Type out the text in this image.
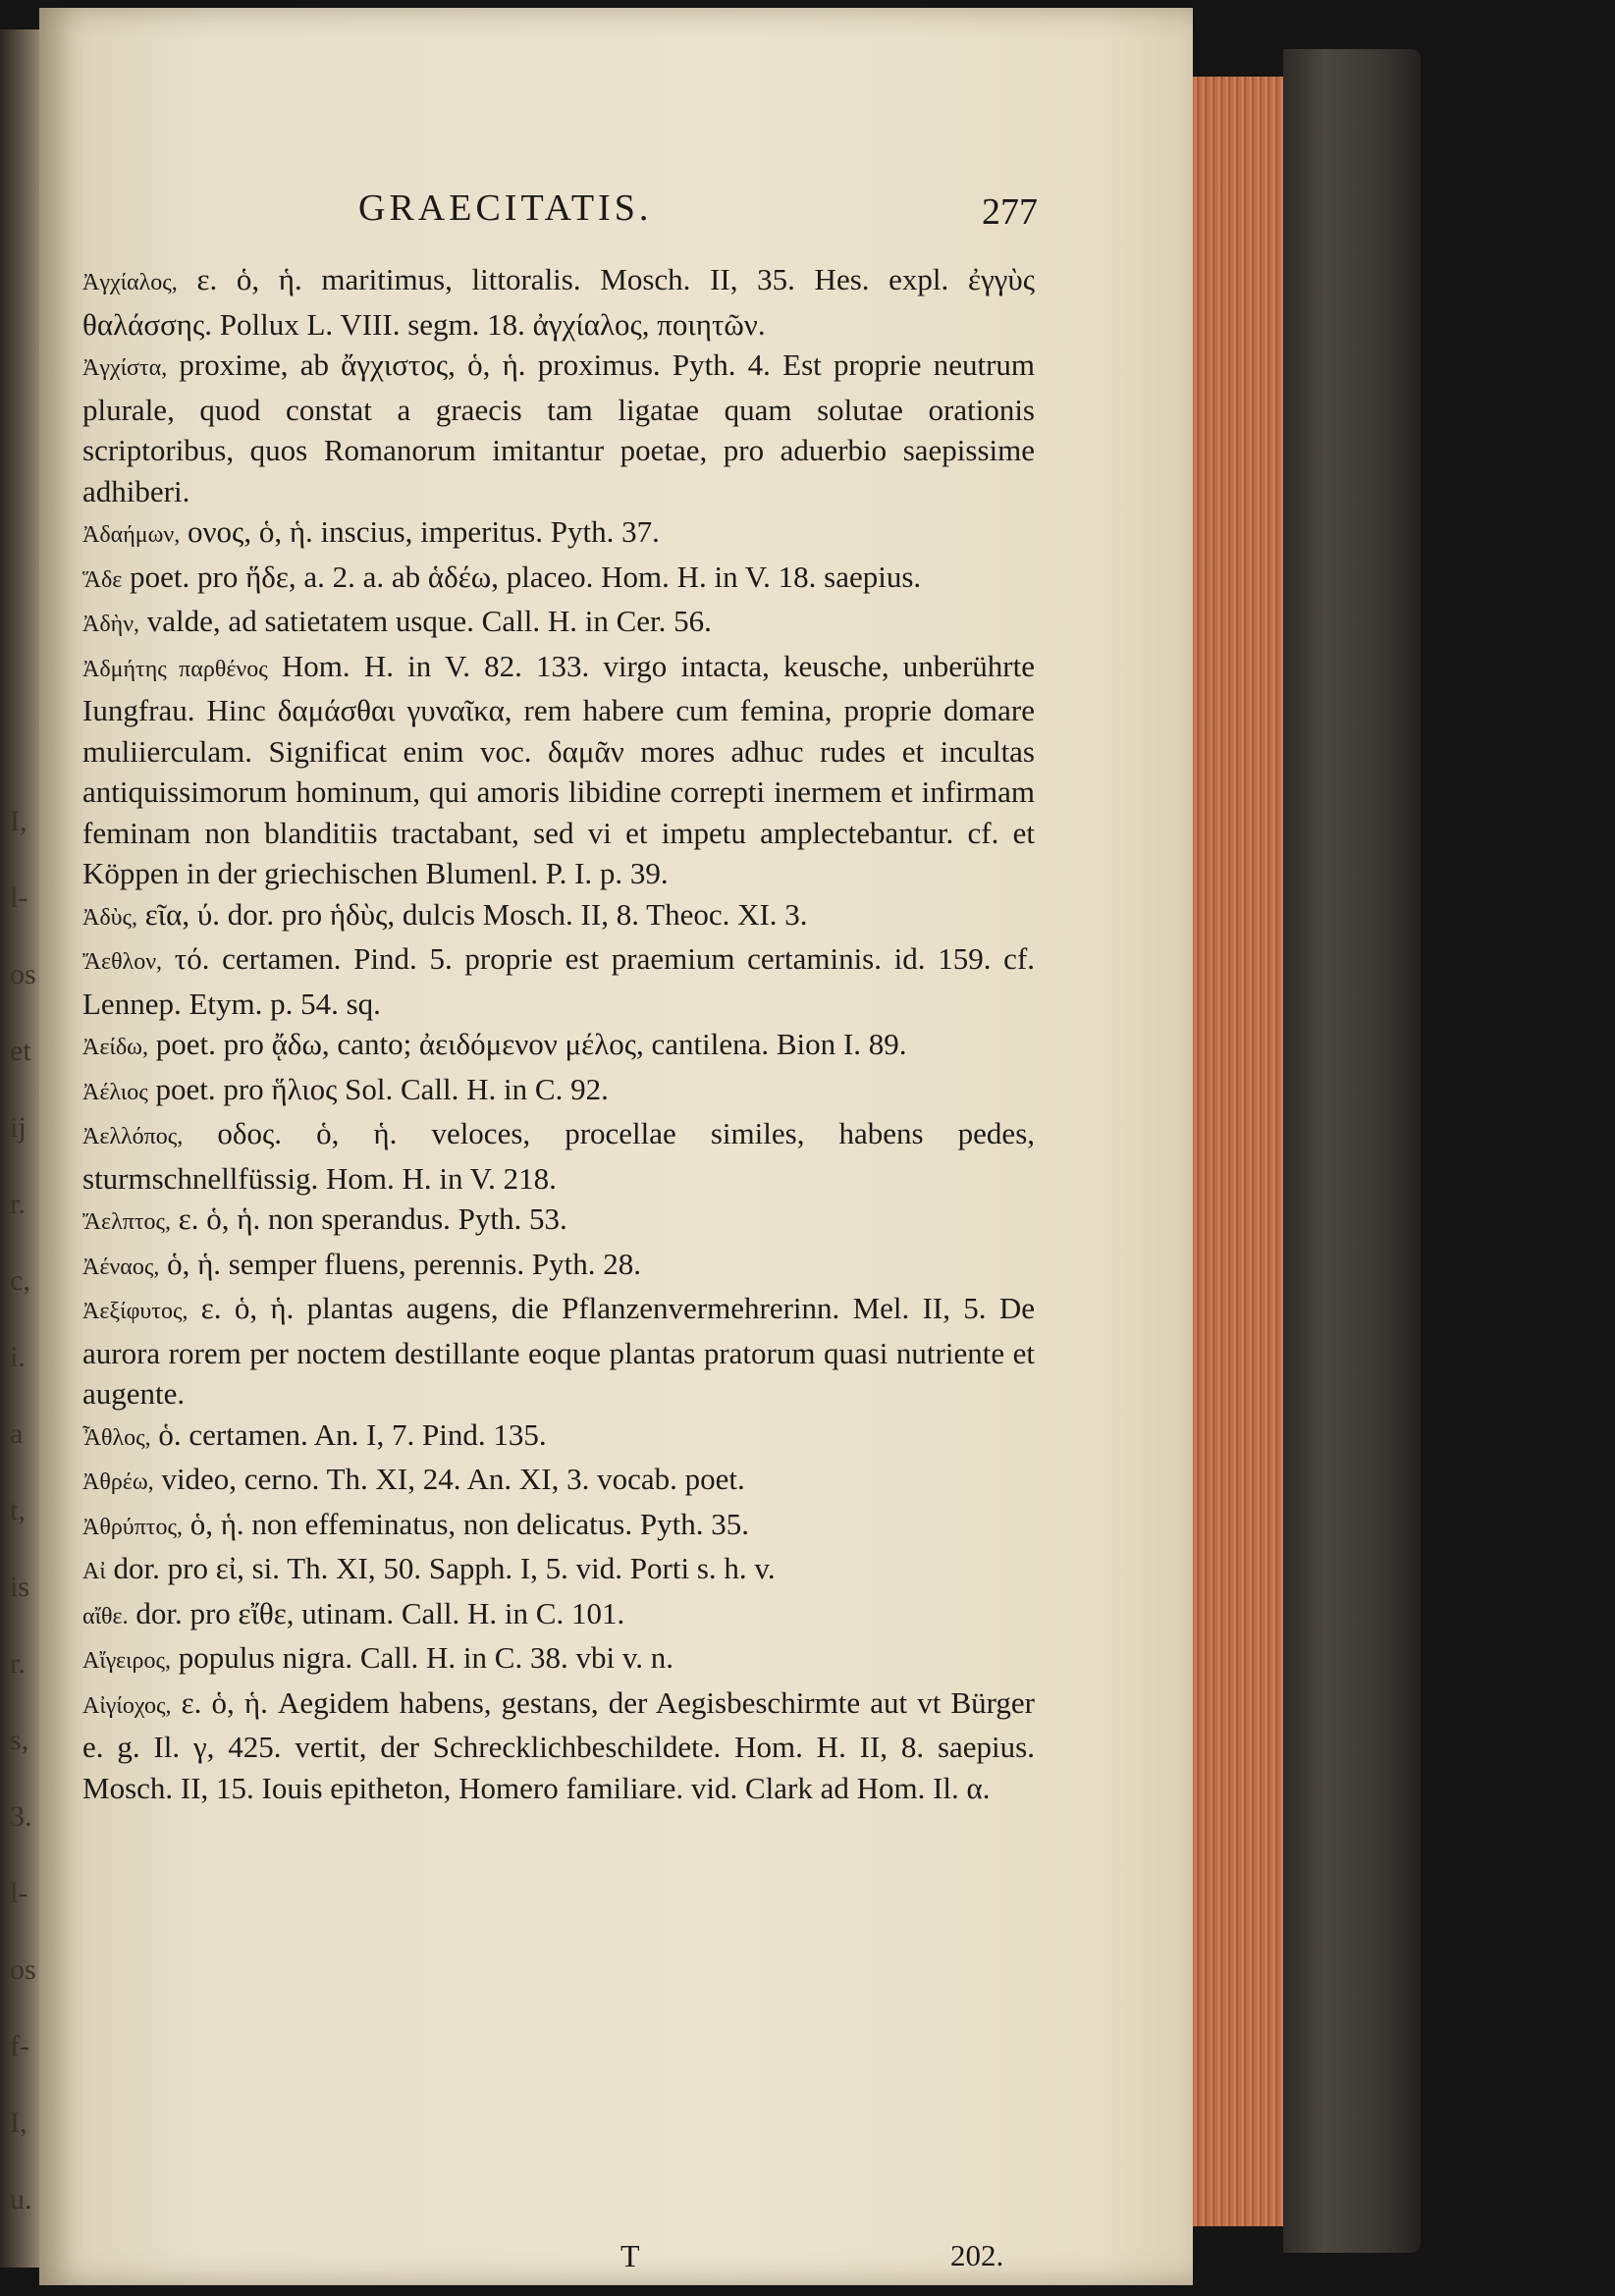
I,
l-
os
et
ij
r.
c,
i.
a
t,
is
r.
s,
3.
l-
os
f-
I,
u.
GRAECITATIS.	277
Ἀγχίαλος, ε. ὁ, ἡ. maritimus, littoralis. Mosch. II, 35. Hes. expl. ἐγγὺς θαλάσσης. Pollux L. VIII. segm. 18. ἀγχίαλος, ποιητῶν.
Ἀγχίστα, proxime, ab ἄγχιστος, ὁ, ἡ. proximus. Pyth. 4. Est proprie neutrum plurale, quod constat a graecis tam ligatae quam solutae orationis scriptoribus, quos Romanorum imitantur poetae, pro aduerbio saepissime adhiberi.
Ἀδαήμων, ονος, ὁ, ἡ. inscius, imperitus. Pyth. 37.
Ἅδε poet. pro ἥδε, a. 2. a. ab ἁδέω, placeo. Hom. H. in V. 18. saepius.
Ἀδὴν, valde, ad satietatem usque. Call. H. in Cer. 56.
Ἀδμήτης παρθένος Hom. H. in V. 82. 133. virgo intacta, keusche, unberührte Iungfrau. Hinc δαμάσθαι γυναῖκα, rem habere cum femina, proprie domare muliierculam. Significat enim voc. δαμᾶν mores adhuc rudes et incultas antiquissimorum hominum, qui amoris libidine correpti inermem et infirmam feminam non blanditiis tractabant, sed vi et impetu amplectebantur. cf. et Köppen in der griechischen Blumenl. P. I. p. 39.
Ἀδὺς, εῖα, ύ. dor. pro ἡδὺς, dulcis Mosch. II, 8. Theoc. XI. 3.
Ἄεθλον, τό. certamen. Pind. 5. proprie est praemium certaminis. id. 159. cf. Lennep. Etym. p. 54. sq.
Ἀείδω, poet. pro ᾄδω, canto; ἀειδόμενον μέλος, cantilena. Bion I. 89.
Ἀέλιος poet. pro ἥλιος Sol. Call. H. in C. 92.
Ἀελλόπος, οδος. ὁ, ἡ. veloces, procellae similes, habens pedes, sturmschnellfüssig. Hom. H. in V. 218.
Ἄελπτος, ε. ὁ, ἡ. non sperandus. Pyth. 53.
Ἀέναος, ὁ, ἡ. semper fluens, perennis. Pyth. 28.
Ἀεξίφυτος, ε. ὁ, ἡ. plantas augens, die Pflanzenvermehrerinn. Mel. II, 5. De aurora rorem per noctem destillante eoque plantas pratorum quasi nutriente et augente.
Ἆθλος, ὁ. certamen. An. I, 7. Pind. 135.
Ἀθρέω, video, cerno. Th. XI, 24. An. XI, 3. vocab. poet.
Ἀθρύπτος, ὁ, ἡ. non effeminatus, non delicatus. Pyth. 35.
Αἰ dor. pro εἰ, si. Th. XI, 50. Sapph. I, 5. vid. Porti s. h. v.
αἴθε. dor. pro εἴθε, utinam. Call. H. in C. 101.
Αἴγειρος, populus nigra. Call. H. in C. 38. vbi v. n.
Αἰγίοχος, ε. ὁ, ἡ. Aegidem habens, gestans, der Aegisbeschirmte aut vt Bürger e. g. Il. γ, 425. vertit, der Schrecklichbeschildete. Hom. H. II, 8. saepius. Mosch. II, 15. Iouis epitheton, Homero familiare. vid. Clark ad Hom. Il. α.
T	202.
